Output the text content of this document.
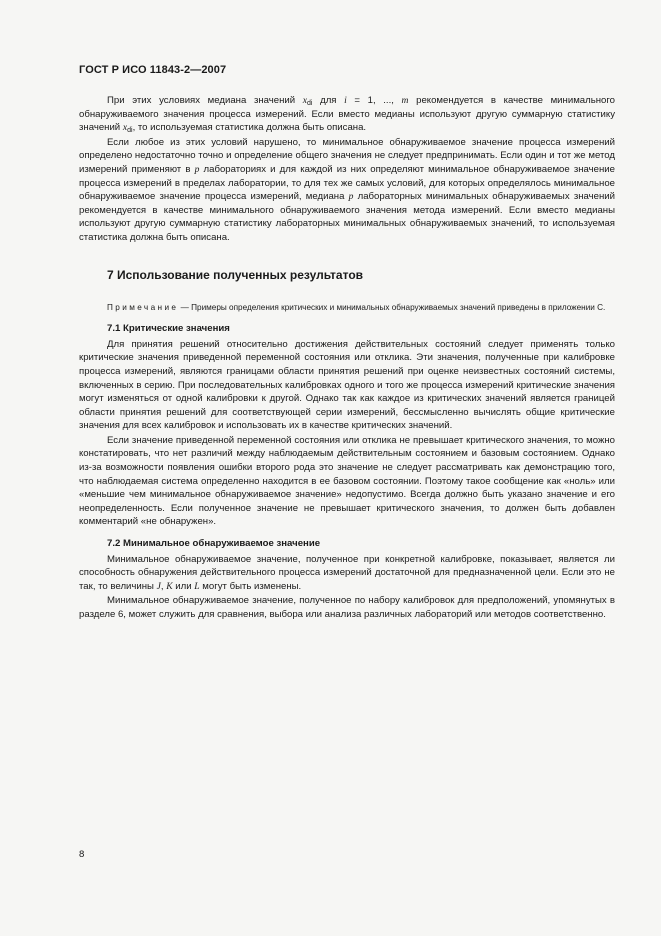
ГОСТ Р ИСО 11843-2—2007

При этих условиях медиана значений $x_{di}$ для i = 1, ..., m рекомендуется в качестве минимального обнаруживаемого значения процесса измерений. Если вместо медианы используют другую суммарную статистику значений $x_{di}$, то используемая статистика должна быть описана.

Если любое из этих условий нарушено, то минимальное обнаруживаемое значение процесса измерений определено недостаточно точно и определение общего значения не следует предпринимать. Если один и тот же метод измерений применяют в p лабораториях и для каждой из них определяют минимальное обнаруживаемое значение процесса измерений в пределах лаборатории, то для тех же самых условий, для которых определялось минимальное обнаруживаемое значение процесса измерений, медиана p лабораторных минимальных обнаруживаемых значений рекомендуется в качестве минимального обнаруживаемого значения метода измерений. Если вместо медианы используют другую суммарную статистику лабораторных минимальных обнаруживаемых значений, то используемая статистика должна быть описана.

7 Использование полученных результатов
Примечание — Примеры определения критических и минимальных обнаруживаемых значений приведены в приложении C.
7.1 Критические значения

Для принятия решений относительно достижения действительных состояний следует применять только критические значения приведенной переменной состояния или отклика. Эти значения, полученные при калибровке процесса измерений, являются границами области принятия решений при оценке неизвестных состояний системы, включенных в серию. При последовательных калибровках одного и того же процесса измерений критические значения могут изменяться от одной калибровки к другой. Однако так как каждое из критических значений является границей области принятия решений для соответствующей серии измерений, бессмысленно вычислять общие критические значения для всех калибровок и использовать их в качестве критических значений.

Если значение приведенной переменной состояния или отклика не превышает критического значения, то можно констатировать, что нет различий между наблюдаемым действительным состоянием и базовым состоянием. Однако из-за возможности появления ошибки второго рода это значение не следует рассматривать как демонстрацию того, что наблюдаемая система определенно находится в ее базовом состоянии. Поэтому такое сообщение как «ноль» или «меньшие чем минимальное обнаруживаемое значение» недопустимо. Всегда должно быть указано значение и его неопределенность. Если полученное значение не превышает критического значения, то должен быть добавлен комментарий «не обнаружен».

7.2 Минимальное обнаруживаемое значение

Минимальное обнаруживаемое значение, полученное при конкретной калибровке, показывает, является ли способность обнаружения действительного процесса измерений достаточной для предназначенной цели. Если это не так, то величины J, K или L могут быть изменены.

Минимальное обнаруживаемое значение, полученное по набору калибровок для предположений, упомянутых в разделе 6, может служить для сравнения, выбора или анализа различных лабораторий или методов соответственно.

8
